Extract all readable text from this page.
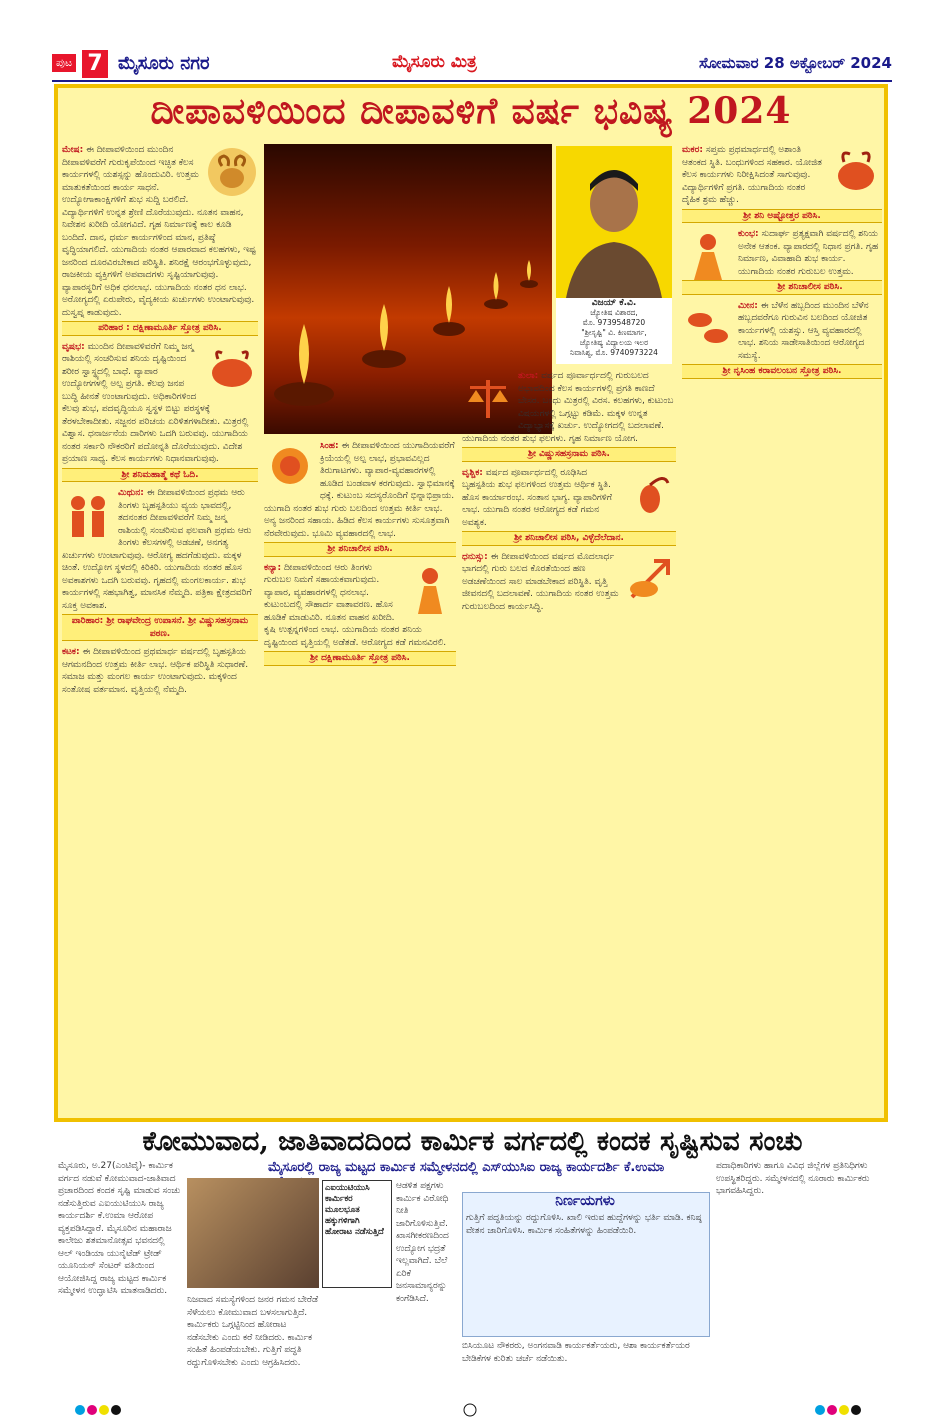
ಪುಟ 7 ಮೈಸೂರು ನಗರ	ಮೈಸೂರು ಮಿತ್ರ	ಸೋಮವಾರ 28 ಅಕ್ಟೋಬರ್ 2024
ದೀಪಾವಳಿಯಿಂದ ದೀಪಾವಳಿಗೆ ವರ್ಷ ಭವಿಷ್ಯ 2024
ವಿಜಯ್ ಕೆ.ವಿ.
ಜ್ಯೋತಿಷ ವಿಶಾರದ,
ಮೊ. 9739548720
"ಶ್ರೀಸೃಷ್ಟಿ" ವಿ. ಕಿಣಮಾರ್ಗ,
ಜ್ಯೋತಿಷ್ಯ ವಿದ್ಯಾಲಯ ಇಲರ
ನಿವಾಸಿಶ್ಯ, ಮೊ. 9740973224
ಮೇಷ: ಈ ದೀಪಾವಳಿಯಿಂದ ಮುಂದಿನ ದೀಪಾವಳಿವರೆಗೆ ಗುರುಕೃಪೆಯಿಂದ ಇಚ್ಛಿತ ಕೆಲಸ ಕಾರ್ಯಗಳಲ್ಲಿ ಯಶಸ್ಸನ್ನು ಹೊಂದುವಿರಿ. ಉತ್ತಮ ಮಾತುಕತೆಯಿಂದ ಕಾರ್ಯ ಸಾಧನೆ. ಉದ್ಯೋಗಾಕಾಂಕ್ಷಿಗಳಿಗೆ ಶುಭ ಸುದ್ದಿ ಬರಲಿದೆ. ವಿದ್ಯಾರ್ಥಿಗಳಿಗೆ ಉನ್ನತ ಶ್ರೇಣಿ ದೊರೆಯುವುದು. ನೂತನ ವಾಹನ, ನಿವೇಶನ ಖರೀದಿ ಯೋಗವಿದೆ. ಗೃಹ ನಿರ್ಮಾಣಕ್ಕೆ ಕಾಲ ಕೂಡಿ ಬಂದಿದೆ. ದಾನ, ಧರ್ಮ ಕಾರ್ಯಗಳಿಂದ ಮಾನ, ಪ್ರತಿಷ್ಠೆ ವೃದ್ಧಿಯಾಗಲಿದೆ. ಯುಗಾದಿಯ ನಂತರ ಆಪಾರವಾದ ಕಲಹಗಳು, ಇಷ್ಟ ಜನರಿಂದ ದೂರವಿರಬೇಕಾದ ಪರಿಸ್ಥಿತಿ. ಶನಿರಕ್ಷೆ ಆರಂಭಗೊಳ್ಳುವುದು, ರಾಜಕೀಯ ವ್ಯಕ್ತಿಗಳಿಗೆ ಅಪವಾದಗಳು ಸೃಷ್ಟಿಯಾಗುವುವು. ವ್ಯಾಪಾರಸ್ಥರಿಗೆ ಅಧಿಕ ಧನಲಾಭ. ಯುಗಾದಿಯ ನಂತರ ಧನ ಲಾಭ. ಅರೋಗ್ಯದಲ್ಲಿ ಏರುಪೇರು, ವೈದ್ಯಕೀಯ ಖರ್ಚುಗಳು ಉಂಟಾಗುವುವು. ದುಸ್ವಪ್ನ ಕಾಡುವುದು.
ಪರಿಹಾರ : ದಕ್ಷಿಣಾಮೂರ್ತಿ ಸ್ತೋತ್ರ ಪಠಿಸಿ.
ವೃಷಭ: ಮುಂದಿನ ದೀಪಾವಳಿವರೆಗೆ ನಿಮ್ಮ ಜನ್ಮ ರಾಶಿಯಲ್ಲಿ ಸಂಚರಿಸುವ ಶನಿಯ ದೃಷ್ಟಿಯಿಂದ ಶರೀರ ಸ್ವಾಸ್ಥ್ಯದಲ್ಲಿ ಬಾಧೆ. ವ್ಯಾಪಾರ ಉದ್ಯೋಗಗಳಲ್ಲಿ ಅಲ್ಪ ಪ್ರಗತಿ. ಕೆಲವು ಜನಪ ಬುದ್ಧಿ ಹೀನತೆ ಉಂಟಾಗುವುದು. ಅಧಿಕಾರಿಗಳಿಂದ ಕೆಲವು ಶುಭ, ಪದವೃದ್ಧಿಯೂ ಸ್ವಸ್ಥಳ ಬಿಟ್ಟು ಪರಸ್ಥಳಕ್ಕೆ ತೆರಳಬೇಕಾದೀತು. ಸಜ್ಜನರ ಪರಿಚಯ ಏರಿಳಿತಗಳಾದೀತು. ಮಿತ್ರರಲ್ಲಿ ವಿಶ್ವಾಸ. ಧನಾರ್ಜನೆಯ ದಾರಿಗಳು ಒದಗಿ ಬರುವವು. ಯುಗಾದಿಯ ನಂತರ ಸರ್ಕಾರಿ ನೌಕರರಿಗೆ ಪದೋನ್ನತಿ ದೊರೆಯುವುದು. ವಿದೇಶ ಪ್ರಯಾಣ ಸಾಧ್ಯ. ಕೆಲಸ ಕಾರ್ಯಗಳು ನಿಧಾನವಾಗುವುವು.
ಶ್ರೀ ಶನಿಮಹಾತ್ಮೆ ಕಥೆ ಓದಿ.
ಮಿಥುನ: ಈ ದೀಪಾವಳಿಯಿಂದ ಪ್ರಥಮ ಆರು ತಿಂಗಳು ಬೃಹಸ್ಪತಿಯು ವ್ಯಯ ಭಾವದಲ್ಲಿ, ತದನಂತರ ದೀಪಾವಳಿವರೆಗೆ ನಿಮ್ಮ ಜನ್ಮ ರಾಶಿಯಲ್ಲಿ ಸಂಚರಿಸುವ ಫಲವಾಗಿ ಪ್ರಥಮ ಆರು ತಿಂಗಳು ಕೆಲಸಗಳಲ್ಲಿ ಅಡಚಣೆ, ಅನಗತ್ಯ ಖರ್ಚುಗಳು ಉಂಟಾಗುವುವು. ಆರೋಗ್ಯ ಹದಗೆಡುವುದು. ಮಕ್ಕಳ ಚಿಂತೆ. ಉದ್ಯೋಗ ಸ್ಥಳದಲ್ಲಿ ಕಿರಿಕಿರಿ. ಯುಗಾದಿಯ ನಂತರ ಹೊಸ ಅವಕಾಶಗಳು ಒದಗಿ ಬರುವವು. ಗೃಹದಲ್ಲಿ ಮಂಗಲಕಾರ್ಯ. ಶುಭ ಕಾರ್ಯಗಳಲ್ಲಿ ಸಹಭಾಗಿತ್ವ, ಮಾನಸಿಕ ನೆಮ್ಮದಿ. ಪತ್ರಿಕಾ ಕ್ಷೇತ್ರದವರಿಗೆ ಸೂಕ್ತ ಅವಕಾಶ.
ಪಾರಿಹಾರ: ಶ್ರೀ ರಾಘವೇಂದ್ರ ಉಪಾಸನೆ. ಶ್ರೀ ವಿಷ್ಣುಸಹಸ್ರನಾಮ ಪಠಣ.
ಕಟಕ: ಈ ದೀಪಾವಳಿಯಿಂದ ಪ್ರಥಮಾರ್ಧ ವರ್ಷದಲ್ಲಿ ಬೃಹಸ್ಪತಿಯ ಆಗಮನದಿಂದ ಉತ್ತಮ ಕೀರ್ತಿ ಲಾಭ. ಆರ್ಥಿಕ ಪರಿಸ್ಥಿತಿ ಸುಧಾರಣೆ. ಸಮಾಜ ಮತ್ತು ಮಂಗಲ ಕಾರ್ಯ ಉಂಟಾಗುವುದು. ಮಕ್ಕಳಿಂದ ಸಂತೋಷ ವರ್ತಮಾನ. ವೃತ್ತಿಯಲ್ಲಿ ನೆಮ್ಮದಿ.
ಸಿಂಹ: ಈ ದೀಪಾವಳಿಯಿಂದ ಯುಗಾದಿಯವರೆಗೆ ಕ್ರಿಯೆಯಲ್ಲಿ ಅಲ್ಪ ಲಾಭ, ಪ್ರಭಾವವಿಲ್ಲದ ತಿರುಗಾಟಗಳು. ವ್ಯಾಪಾರ-ವ್ಯವಹಾರಗಳಲ್ಲಿ ಹೂಡಿದ ಬಂಡವಾಳ ಕರಗುವುದು. ಸ್ವಾಭಿಮಾನಕ್ಕೆ ಧಕ್ಕೆ. ಕುಟುಂಬ ಸದಸ್ಯರೊಂದಿಗೆ ಭಿನ್ನಾಭಿಪ್ರಾಯ. ಯುಗಾದಿ ನಂತರ ಶುಭ ಗುರು ಬಲದಿಂದ ಉತ್ತಮ ಕೀರ್ತಿ ಲಾಭ. ಅನ್ಯ ಜನರಿಂದ ಸಹಾಯ. ಹಿಡಿದ ಕೆಲಸ ಕಾರ್ಯಗಳು ಸುಸೂತ್ರವಾಗಿ ನೆರವೇರುವುದು. ಭೂಮಿ ವ್ಯವಹಾರದಲ್ಲಿ ಲಾಭ.
ಶ್ರೀ ಶನಿಚಾಲೀಸ ಪಠಿಸಿ.
ಕನ್ಯಾ: ದೀಪಾವಳಿಯಿಂದ ಆರು ತಿಂಗಳು ಗುರುಬಲ ನಿಮಗೆ ಸಹಾಯಕವಾಗುವುದು. ವ್ಯಾಪಾರ, ವ್ಯವಹಾರಗಳಲ್ಲಿ ಧನಲಾಭ. ಕುಟುಂಬದಲ್ಲಿ ಸೌಹಾರ್ದ ವಾತಾವರಣ. ಹೊಸ ಹೂಡಿಕೆ ಮಾಡುವಿರಿ. ನೂತನ ವಾಹನ ಖರೀದಿ. ಕೃಷಿ ಉತ್ಪನ್ನಗಳಿಂದ ಲಾಭ. ಯುಗಾದಿಯ ನಂತರ ಶನಿಯ ದೃಷ್ಟಿಯಿಂದ ವೃತ್ತಿಯಲ್ಲಿ ಅಡೆತಡೆ. ಆರೋಗ್ಯದ ಕಡೆ ಗಮನವಿರಲಿ.
ಶ್ರೀ ದಕ್ಷಿಣಾಮೂರ್ತಿ ಸ್ತೋತ್ರ ಪಠಿಸಿ.
ತುಲಾ: ವರ್ಷದ ಪೂರ್ವಾರ್ಧದಲ್ಲಿ ಗುರುಬಲದ ಅಭಾವದಿಂದ ಕೆಲಸ ಕಾರ್ಯಗಳಲ್ಲಿ ಪ್ರಗತಿ ಕಾಣದೆ ಬೇಸರ. ಬಂಧು ಮಿತ್ರರಲ್ಲಿ ವಿರಸ. ಕಲಹಗಳು, ಕುಟುಂಬ ವಿಷಯಗಳಲ್ಲಿ ಒಗ್ಗಟ್ಟು ಕಡಿಮೆ. ಮಕ್ಕಳ ಉನ್ನತ ವಿದ್ಯಾಭ್ಯಾಸಕ್ಕೆ ಖರ್ಚು. ಉದ್ಯೋಗದಲ್ಲಿ ಬದಲಾವಣೆ. ಯುಗಾದಿಯ ನಂತರ ಶುಭ ಫಲಗಳು. ಗೃಹ ನಿರ್ಮಾಣ ಯೋಗ.
ಶ್ರೀ ವಿಷ್ಣುಸಹಸ್ರನಾಮ ಪಠಿಸಿ.
ವೃಶ್ಚಿಕ: ವರ್ಷದ ಪೂರ್ವಾರ್ಧದಲ್ಲಿ ರೂಢಿಸಿದ ಬೃಹಸ್ಪತಿಯ ಶುಭ ಫಲಗಳಿಂದ ಉತ್ತಮ ಆರ್ಥಿಕ ಸ್ಥಿತಿ. ಹೊಸ ಕಾರ್ಯಾರಂಭ. ಸಂತಾನ ಭಾಗ್ಯ. ವ್ಯಾಪಾರಿಗಳಿಗೆ ಲಾಭ. ಯುಗಾದಿ ನಂತರ ಆರೋಗ್ಯದ ಕಡೆ ಗಮನ ಅವಶ್ಯಕ.
ಶ್ರೀ ಶನಿಚಾಲೀಸ ಪಠಿಸಿ, ವಿಳ್ಳೆದೆಲೆದಾನ.
ಧನುಸ್ಸು: ಈ ದೀಪಾವಳಿಯಿಂದ ವರ್ಷದ ಮೊದಲಾರ್ಧ ಭಾಗದಲ್ಲಿ ಗುರು ಬಲದ ಕೊರತೆಯಿಂದ ಹಣ ಅಡಚಣೆಯಿಂದ ಸಾಲ ಮಾಡಬೇಕಾದ ಪರಿಸ್ಥಿತಿ. ವೃತ್ತಿ ಜೀವನದಲ್ಲಿ ಬದಲಾವಣೆ. ಯುಗಾದಿಯ ನಂತರ ಉತ್ತಮ ಗುರುಬಲದಿಂದ ಕಾರ್ಯಸಿದ್ಧಿ.
ಮಕರ: ಸಪ್ತಮ ಪ್ರಥಮಾರ್ಧದಲ್ಲಿ ಅಶಾಂತಿ ಆತಂಕದ ಸ್ಥಿತಿ. ಬಂಧುಗಳಿಂದ ಸಹಕಾರ. ಯೋಜಿತ ಕೆಲಸ ಕಾರ್ಯಗಳು ನಿರೀಕ್ಷಿಸಿದಂತೆ ಸಾಗುವುವು. ವಿದ್ಯಾರ್ಥಿಗಳಿಗೆ ಪ್ರಗತಿ. ಯುಗಾದಿಯ ನಂತರ ದೈಹಿಕ ಶ್ರಮ ಹೆಚ್ಚು.
ಶ್ರೀ ಶನಿ ಅಷ್ಟೋತ್ತರ ಪಠಿಸಿ.
ಕುಂಭ: ಸುದಾರ್ಘ ಪ್ರತ್ಯಕ್ಷವಾಗಿ ವರ್ಷದಲ್ಲಿ ಶನಿಯ ಅನೇಕ ಆತಂಕ. ವ್ಯಾಪಾರದಲ್ಲಿ ನಿಧಾನ ಪ್ರಗತಿ. ಗೃಹ ನಿರ್ಮಾಣ, ವಿವಾಹಾದಿ ಶುಭ ಕಾರ್ಯ. ಯುಗಾದಿಯ ನಂತರ ಗುರುಬಲ ಉತ್ತಮ.
ಶ್ರೀ ಶನಿಚಾಲೀಸ ಪಠಿಸಿ.
ಮೀನ: ಈ ಬೆಳೆನ ಹಬ್ಬದಿಂದ ಮುಂದಿನ ಬೆಳೆನ ಹಬ್ಬದವರೆಗೂ ಗುರುವಿನ ಬಲದಿಂದ ಯೋಜಿತ ಕಾರ್ಯಗಳಲ್ಲಿ ಯಶಸ್ಸು. ಆಸ್ತಿ ವ್ಯವಹಾರದಲ್ಲಿ ಲಾಭ. ಶನಿಯ ಸಾಡೇಸಾತಿಯಿಂದ ಆರೋಗ್ಯದ ಸಮಸ್ಯೆ.
ಶ್ರೀ ನೃಸಿಂಹ ಕರಾವಲಂಬನ ಸ್ತೋತ್ರ ಪಠಿಸಿ.
ಕೋಮುವಾದ, ಜಾತಿವಾದದಿಂದ ಕಾರ್ಮಿಕ ವರ್ಗದಲ್ಲಿ ಕಂದಕ ಸೃಷ್ಟಿಸುವ ಸಂಚು
ಮೈಸೂರಲ್ಲಿ ರಾಜ್ಯ ಮಟ್ಟದ ಕಾರ್ಮಿಕ ಸಮ್ಮೇಳನದಲ್ಲಿ ಎಸ್‌ಯುಸಿಐ ರಾಜ್ಯ ಕಾರ್ಯದರ್ಶಿ ಕೆ.ಉಮಾ
ಮೈಸೂರು, ಅ.27(ಎಂಟಿವೈ)- ಕಾರ್ಮಿಕ ವರ್ಗದ ನಡುವೆ ಕೋಮುವಾದ-ಜಾತಿವಾದ ಪ್ರಚಾರದಿಂದ ಕಂದಕ ಸೃಷ್ಟಿ ಮಾಡುವ ಸಂಚು ನಡೆಸುತ್ತಿರುವ ಎಐಯುಟಿಯುಸಿ ರಾಜ್ಯ ಕಾರ್ಯದರ್ಶಿ ಕೆ.ಉಮಾ ಆರೋಪ ವ್ಯಕ್ತಪಡಿಸಿದ್ದಾರೆ. ಮೈಸೂರಿನ ಮಹಾರಾಜ ಕಾಲೇಜು ಶತಮಾನೋತ್ಸವ ಭವನದಲ್ಲಿ ಆಲ್ ಇಂಡಿಯಾ ಯುನೈಟೆಡ್ ಟ್ರೇಡ್ ಯೂನಿಯನ್ ಸೆಂಟರ್ ವತಿಯಿಂದ ಆಯೋಜಿಸಿದ್ದ ರಾಜ್ಯ ಮಟ್ಟದ ಕಾರ್ಮಿಕ ಸಮ್ಮೇಳನ ಉದ್ಘಾಟಿಸಿ ಮಾತನಾಡಿದರು.
ಎಐಯುಟಿಯುಸಿ ಕಾರ್ಮಿಕರ ಮೂಲಭೂತ ಹಕ್ಕುಗಳಿಗಾಗಿ ಹೋರಾಟ ನಡೆಸುತ್ತಿದೆ
ನಿಜವಾದ ಸಮಸ್ಯೆಗಳಿಂದ ಜನರ ಗಮನ ಬೇರೆಡೆ ಸೆಳೆಯಲು ಕೋಮುವಾದ ಬಳಸಲಾಗುತ್ತಿದೆ. ಕಾರ್ಮಿಕರು ಒಗ್ಗಟ್ಟಿನಿಂದ ಹೋರಾಟ ನಡೆಸಬೇಕು ಎಂದು ಕರೆ ನೀಡಿದರು. ಕಾರ್ಮಿಕ ಸಂಹಿತೆ ಹಿಂಪಡೆಯಬೇಕು. ಗುತ್ತಿಗೆ ಪದ್ಧತಿ ರದ್ದುಗೊಳಿಸಬೇಕು ಎಂದು ಆಗ್ರಹಿಸಿದರು.
ಆಡಳಿತ ಪಕ್ಷಗಳು ಕಾರ್ಮಿಕ ವಿರೋಧಿ ನೀತಿ ಜಾರಿಗೊಳಿಸುತ್ತಿವೆ. ಖಾಸಗೀಕರಣದಿಂದ ಉದ್ಯೋಗ ಭದ್ರತೆ ಇಲ್ಲವಾಗಿದೆ. ಬೆಲೆ ಏರಿಕೆ ಜನಸಾಮಾನ್ಯರನ್ನು ಕಂಗೆಡಿಸಿದೆ.
ನಿರ್ಣಯಗಳು
ಗುತ್ತಿಗೆ ಪದ್ಧತಿಯನ್ನು ರದ್ದುಗೊಳಿಸಿ. ಖಾಲಿ ಇರುವ ಹುದ್ದೆಗಳನ್ನು ಭರ್ತಿ ಮಾಡಿ. ಕನಿಷ್ಠ ವೇತನ ಜಾರಿಗೊಳಿಸಿ. ಕಾರ್ಮಿಕ ಸಂಹಿತೆಗಳನ್ನು ಹಿಂಪಡೆಯಿರಿ.
ಬಿಸಿಯೂಟ ನೌಕರರು, ಅಂಗನವಾಡಿ ಕಾರ್ಯಕರ್ತೆಯರು, ಆಶಾ ಕಾರ್ಯಕರ್ತೆಯರ ಬೇಡಿಕೆಗಳ ಕುರಿತು ಚರ್ಚೆ ನಡೆಯಿತು.
ಪದಾಧಿಕಾರಿಗಳು ಹಾಗೂ ವಿವಿಧ ಜಿಲ್ಲೆಗಳ ಪ್ರತಿನಿಧಿಗಳು ಉಪಸ್ಥಿತರಿದ್ದರು. ಸಮ್ಮೇಳನದಲ್ಲಿ ನೂರಾರು ಕಾರ್ಮಿಕರು ಭಾಗವಹಿಸಿದ್ದರು.
